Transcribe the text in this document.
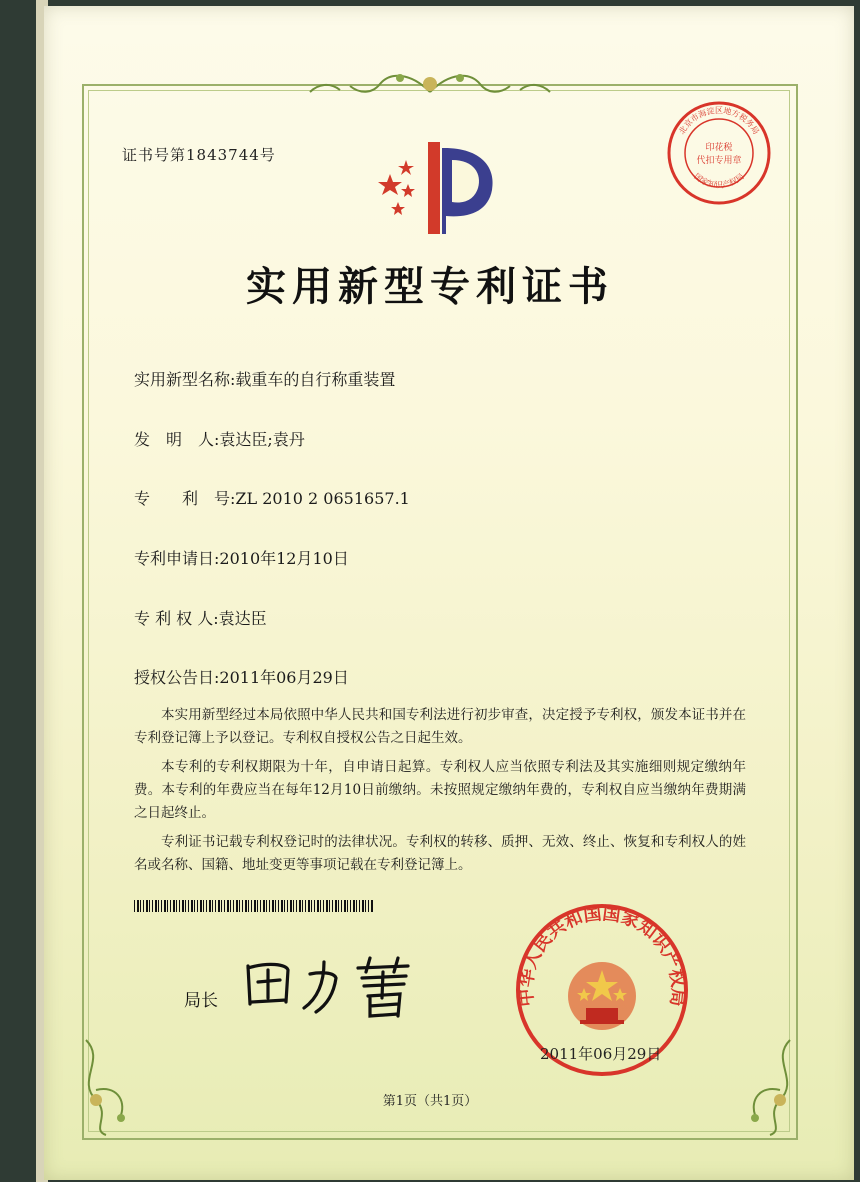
证书号第1843744号
北京市海淀区地方税务局
印花税
代扣专用章
国家知识产权局
实用新型专利证书
实用新型名称:载重车的自行称重装置
发　明　人:袁达臣;袁丹
专　　利　号:ZL 2010 2 0651657.1
专利申请日:2010年12月10日
专 利 权 人:袁达臣
授权公告日:2011年06月29日

本实用新型经过本局依照中华人民共和国专利法进行初步审查，决定授予专利权，颁发本证书并在专利登记簿上予以登记。专利权自授权公告之日起生效。

本专利的专利权期限为十年，自申请日起算。专利权人应当依照专利法及其实施细则规定缴纳年费。本专利的年费应当在每年12月10日前缴纳。未按照规定缴纳年费的，专利权自应当缴纳年费期满之日起终止。

专利证书记载专利权登记时的法律状况。专利权的转移、质押、无效、终止、恢复和专利权人的姓名或名称、国籍、地址变更等事项记载在专利登记簿上。

局长	中华人民共和国国家知识产权局
2011年06月29日
第1页（共1页）
